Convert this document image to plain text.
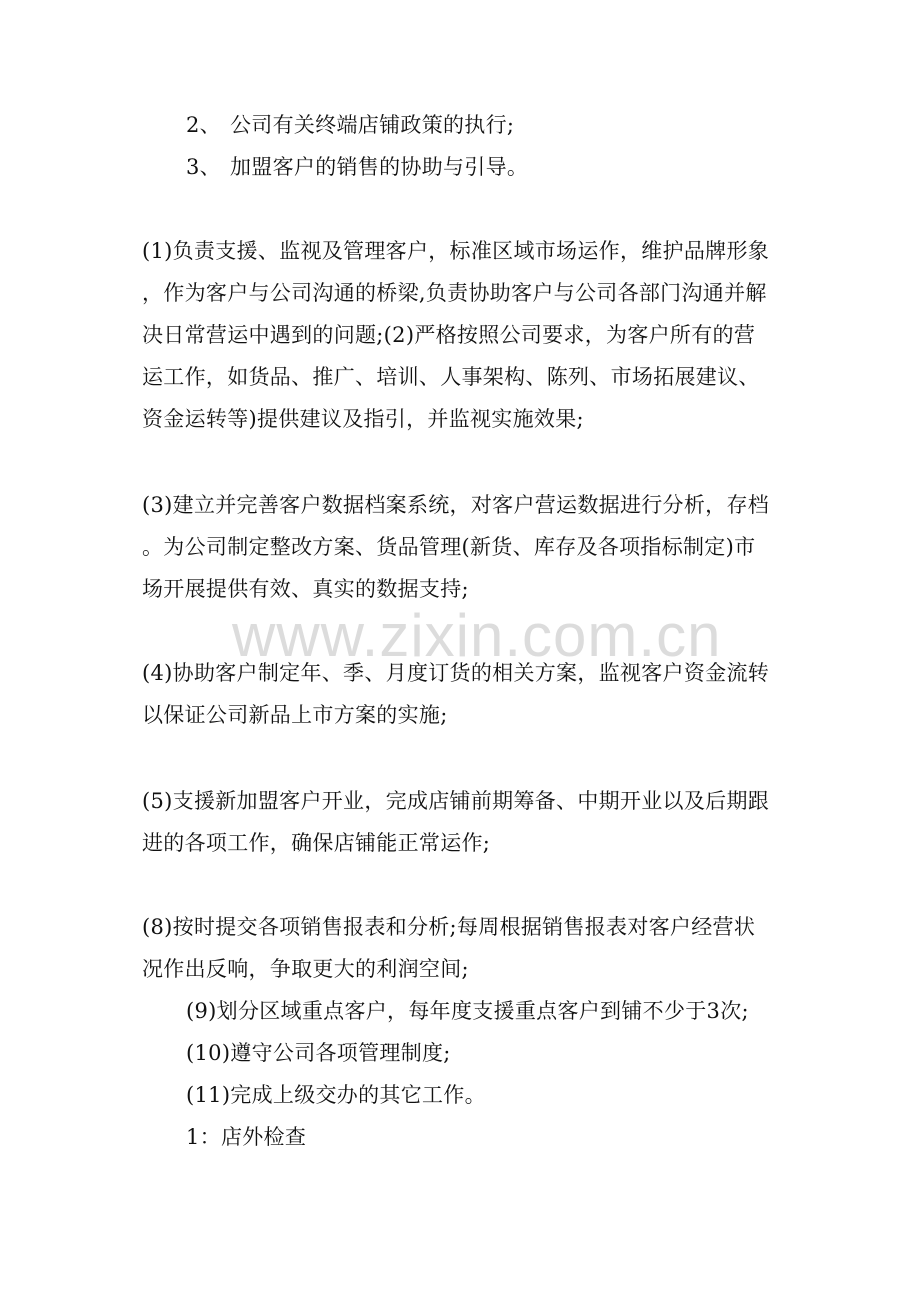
www.zixin.com.cn
2、 公司有关终端店铺政策的执行;
3、 加盟客户的销售的协助与引导。
(1)负责支援、监视及管理客户，标准区域市场运作，维护品牌形象
，作为客户与公司沟通的桥梁,负责协助客户与公司各部门沟通并解
决日常营运中遇到的问题;(2)严格按照公司要求，为客户所有的营
运工作，如货品、推广、培训、人事架构、陈列、市场拓展建议、
资金运转等)提供建议及指引，并监视实施效果;
(3)建立并完善客户数据档案系统，对客户营运数据进行分析，存档
。为公司制定整改方案、货品管理(新货、库存及各项指标制定)市
场开展提供有效、真实的数据支持;
(4)协助客户制定年、季、月度订货的相关方案，监视客户资金流转
以保证公司新品上市方案的实施;
(5)支援新加盟客户开业，完成店铺前期筹备、中期开业以及后期跟
进的各项工作，确保店铺能正常运作;
(8)按时提交各项销售报表和分析;每周根据销售报表对客户经营状
况作出反响，争取更大的利润空间;
(9)划分区域重点客户，每年度支援重点客户到铺不少于3次;
(10)遵守公司各项管理制度;
(11)完成上级交办的其它工作。
1：店外检查
